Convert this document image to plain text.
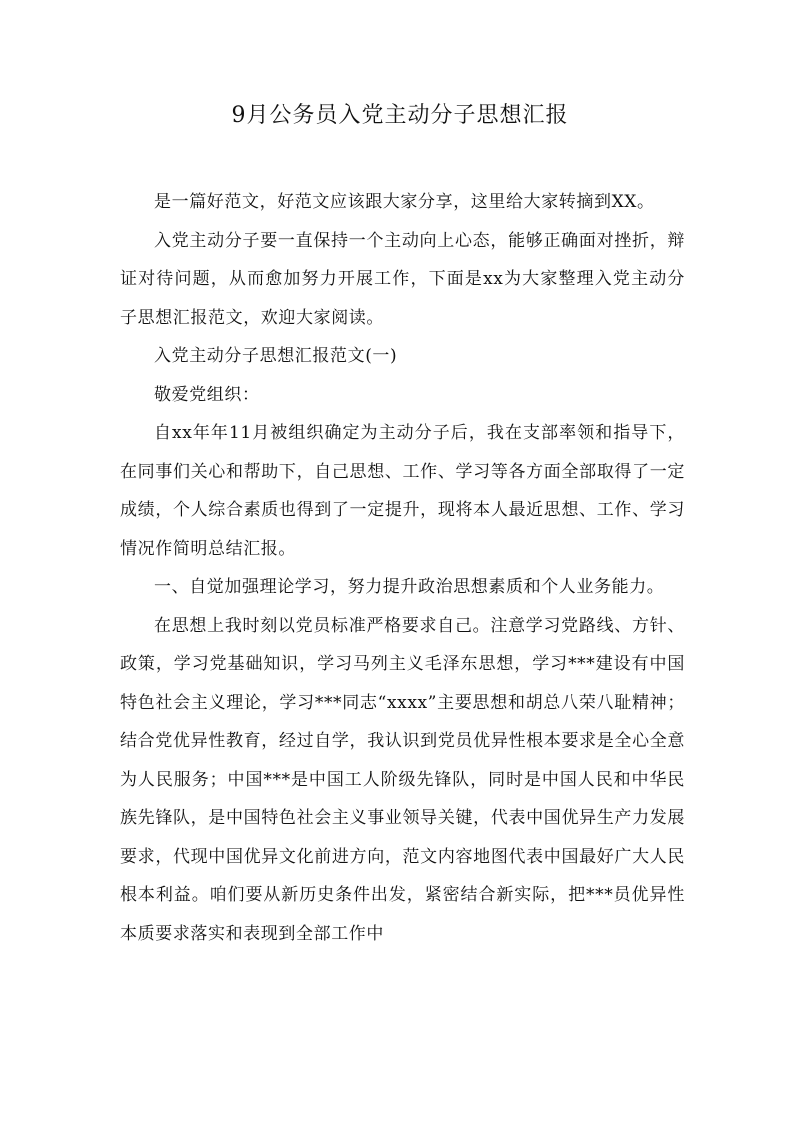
9月公务员入党主动分子思想汇报

是一篇好范文，好范文应该跟大家分享，这里给大家转摘到XX。

入党主动分子要一直保持一个主动向上心态，能够正确面对挫折，辩证对待问题，从而愈加努力开展工作，下面是xx为大家整理入党主动分子思想汇报范文，欢迎大家阅读。

入党主动分子思想汇报范文(一)

敬爱党组织：

自xx年年11月被组织确定为主动分子后，我在支部率领和指导下，在同事们关心和帮助下，自己思想、工作、学习等各方面全部取得了一定成绩，个人综合素质也得到了一定提升，现将本人最近思想、工作、学习情况作简明总结汇报。

一、自觉加强理论学习，努力提升政治思想素质和个人业务能力。

在思想上我时刻以党员标准严格要求自己。注意学习党路线、方针、政策，学习党基础知识，学习马列主义毛泽东思想，学习***建设有中国特色社会主义理论，学习***同志“xxxx”主要思想和胡总八荣八耻精神；结合党优异性教育，经过自学，我认识到党员优异性根本要求是全心全意为人民服务；中国***是中国工人阶级先锋队，同时是中国人民和中华民族先锋队，是中国特色社会主义事业领导关键，代表中国优异生产力发展要求，代现中国优异文化前进方向，范文内容地图代表中国最好广大人民根本利益。咱们要从新历史条件出发，紧密结合新实际，把***员优异性本质要求落实和表现到全部工作中
